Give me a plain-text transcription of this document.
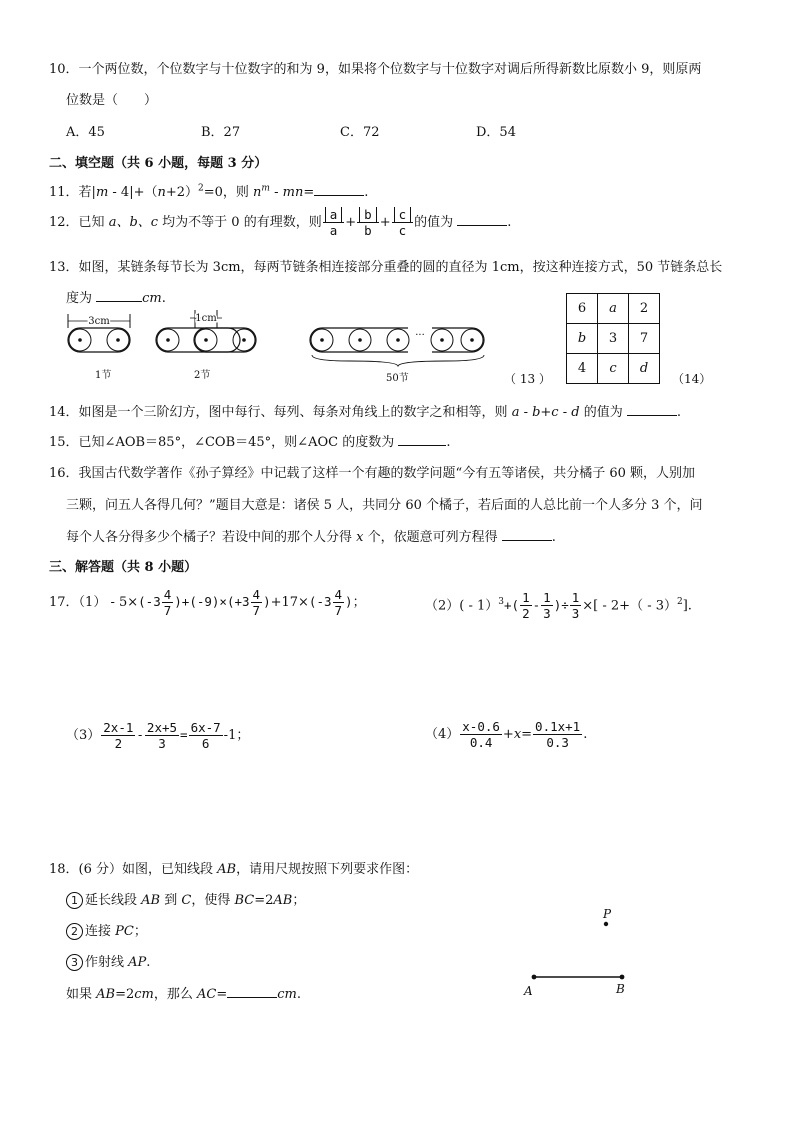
10．一个两位数，个位数字与十位数字的和为 9，如果将个位数字与十位数字对调后所得新数比原数小 9，则原两
位数是（　　）
A．45	B．27	C．72	D．54
二、填空题（共 6 小题，每题 3 分）
11．若$|m - 4|+(n+2)^2=0$，则 $n^m - mn=$	.
12．已知 a、b、c 均为不等于 0 的有理数，则 $\frac{a}{a} + \frac{b}{b} + \frac{c}{c}$ 的值为	.
13．如图，某链条每节长为 3cm，每两节链条相连接部分重叠的圆的直径为 1cm，按这种连接方式，50 节链条总长
度为	cm.
3cm
1节
1cm
2节
···
50节	（ 13 ）
6	a	2
b	3	7
4	c	d
（14）
14．如图是一个三阶幻方，图中每行、每列、每条对角线上的数字之和相等，则 a - b+c - d 的值为	.
15．已知∠AOB＝85°，∠COB＝45°，则∠AOC 的度数为	.
16．我国古代数学著作《孙子算经》中记载了这样一个有趣的数学问题“今有五等诸侯，共分橘子 60 颗，人别加
三颗，问五人各得几何？”题目大意是：诸侯 5 人，共同分 60 个橘子，若后面的人总比前一个人多分 3 个，问
每个人各分得多少个橘子？若设中间的那个人分得 x 个，依题意可列方程得	.
三、解答题（共 8 小题）
17．$(1) - 5\times(-3 \frac{4}{7} )+(-9)\times(+3 \frac{4}{7} )+17\times(-3 \frac{4}{7}$ )；	$(2)( - 1)^3+( \frac{1}{2} - \frac{1}{3}$ )÷ $\frac{1}{3}$ ×[ - 2+（ - 3）$^2$].
$(3) \frac{2x-1}{2} - \frac{2x+5}{3} = \frac{6x-7}{6} -1$；	$(4) \frac{x-0.6}{0.4} +x= \frac{0.1x+1}{0.3}$ .
18．(6 分）如图，已知线段 AB，请用尺规按照下列要求作图：
1 延长线段 AB 到 C，使得 BC=2AB；
2 连接 PC；
3 作射线 AP.
如果 AB=2cm，那么 AC=	cm.
P
A	B
